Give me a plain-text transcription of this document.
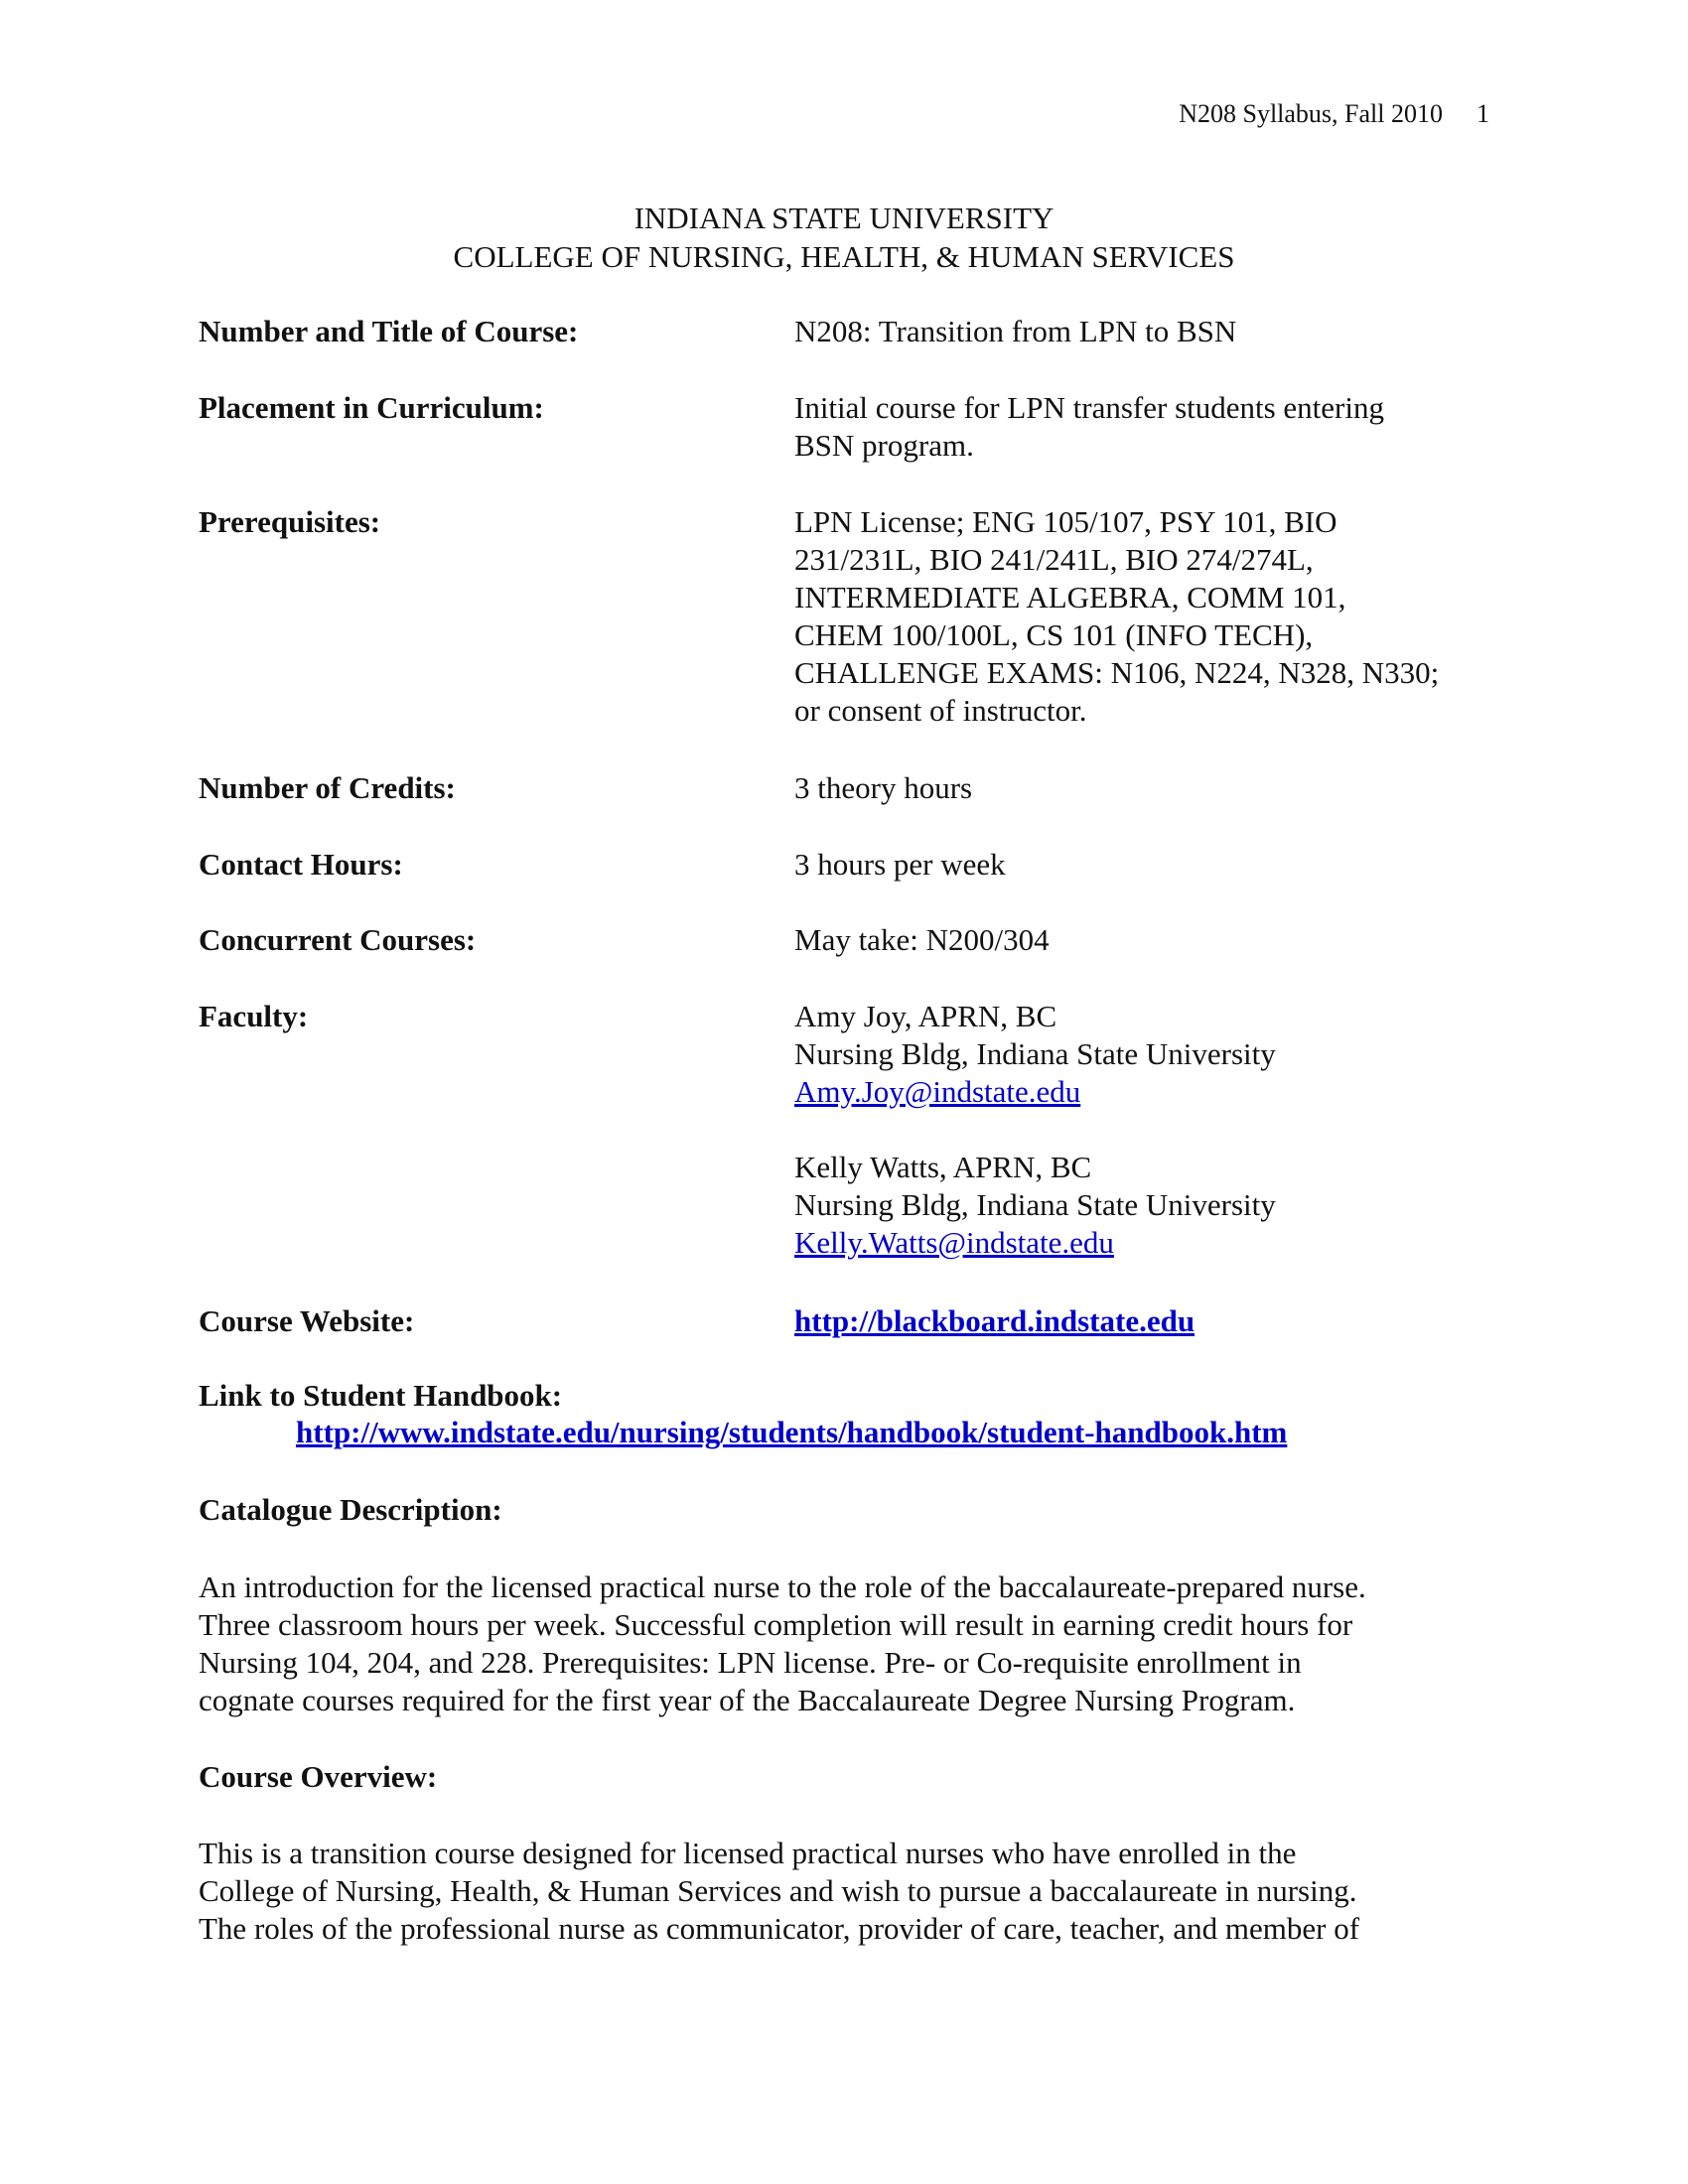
N208 Syllabus, Fall 2010 1
INDIANA STATE UNIVERSITY
COLLEGE OF NURSING, HEALTH, & HUMAN SERVICES
Number and Title of Course:	N208: Transition from LPN to BSN
Placement in Curriculum:	Initial course for LPN transfer students entering
BSN program.
Prerequisites:	LPN License; ENG 105/107, PSY 101, BIO
231/231L, BIO 241/241L, BIO 274/274L,
INTERMEDIATE ALGEBRA, COMM 101,
CHEM 100/100L, CS 101 (INFO TECH),
CHALLENGE EXAMS: N106, N224, N328, N330;
or consent of instructor.
Number of Credits:	3 theory hours
Contact Hours:	3 hours per week
Concurrent Courses:	May take: N200/304
Faculty:	Amy Joy, APRN, BC
Nursing Bldg, Indiana State University
Amy.Joy@indstate.edu
Kelly Watts, APRN, BC
Nursing Bldg, Indiana State University
Kelly.Watts@indstate.edu
Course Website:	http://blackboard.indstate.edu
Link to Student Handbook:
http://www.indstate.edu/nursing/students/handbook/student-handbook.htm
Catalogue Description:
An introduction for the licensed practical nurse to the role of the baccalaureate-prepared nurse.
Three classroom hours per week. Successful completion will result in earning credit hours for
Nursing 104, 204, and 228. Prerequisites: LPN license. Pre- or Co-requisite enrollment in
cognate courses required for the first year of the Baccalaureate Degree Nursing Program.
Course Overview:
This is a transition course designed for licensed practical nurses who have enrolled in the
College of Nursing, Health, & Human Services and wish to pursue a baccalaureate in nursing.
The roles of the professional nurse as communicator, provider of care, teacher, and member of
